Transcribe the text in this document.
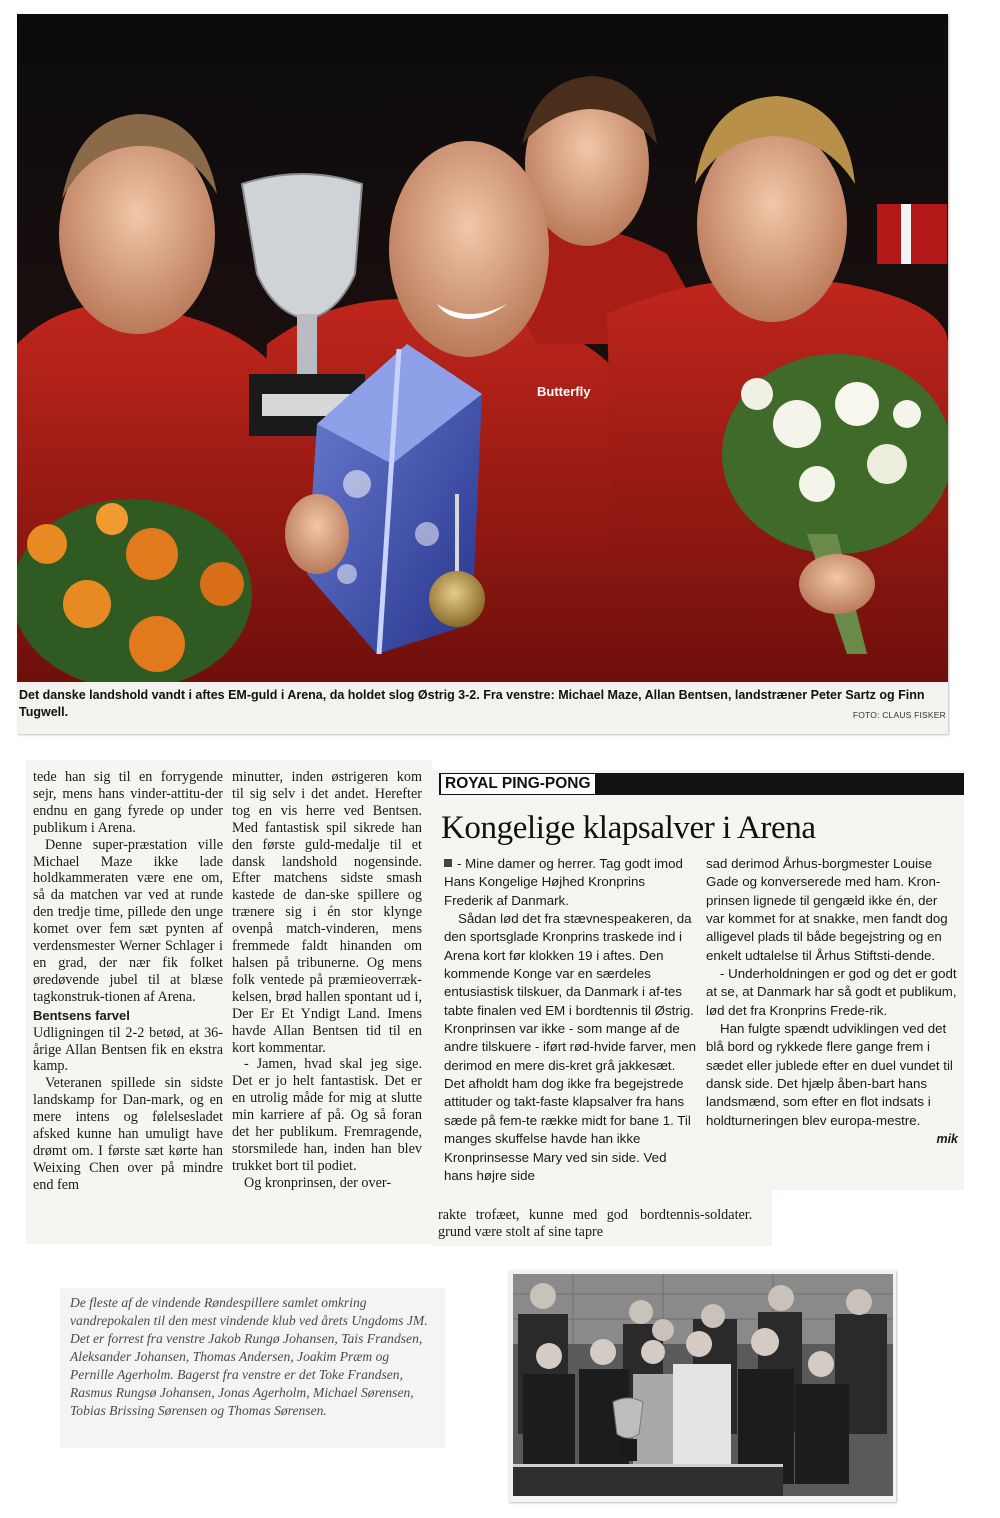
Butterfly
Det danske landshold vandt i aftes EM-guld i Arena, da holdet slog Østrig 3-2. Fra venstre: Michael Maze, Allan Bentsen, landstræner Peter Sartz og Finn Tugwell.	FOTO: CLAUS FISKER

tede han sig til en forrygende sejr, mens hans vinder-attitu-der endnu en gang fyrede op under publikum i Arena.

Denne super-præstation ville Michael Maze ikke lade holdkammeraten være ene om, så da matchen var ved at runde den tredje time, pillede den unge komet over fem sæt pynten af verdensmester Werner Schlager i en grad, der nær fik folket øredøvende jubel til at blæse tagkonstruk-tionen af Arena.

Bentsens farvel

Udligningen til 2-2 betød, at 36-årige Allan Bentsen fik en ekstra kamp.

Veteranen spillede sin sidste landskamp for Dan-mark, og en mere intens og følelsesladet afsked kunne han umuligt have drømt om. I første sæt kørte han Weixing Chen over på mindre end fem

minutter, inden østrigeren kom til sig selv i det andet. Herefter tog en vis herre ved Bentsen. Med fantastisk spil sikrede han den første guld-medalje til et dansk landshold nogensinde. Efter matchens sidste smash kastede de dan-ske spillere og trænere sig i én stor klynge ovenpå match-vinderen, mens fremmede faldt hinanden om halsen på tribunerne. Og mens folk ventede på præmieoverræk-kelsen, brød hallen spontant ud i, Der Er Et Yndigt Land. Imens havde Allan Bentsen tid til en kort kommentar.

- Jamen, hvad skal jeg sige. Det er jo helt fantastisk. Det er en utrolig måde for mig at slutte min karriere af på. Og så foran det her publikum. Fremragende, storsmilede han, inden han blev trukket bort til podiet.

Og kronprinsen, der over-

ROYAL PING-PONG
Kongelige klapsalver i Arena

- Mine damer og herrer. Tag godt imod Hans Kongelige Højhed Kronprins Frederik af Danmark.

Sådan lød det fra stævnespeakeren, da den sportsglade Kronprins traskede ind i Arena kort før klokken 19 i aftes. Den kommende Konge var en særdeles entusiastisk tilskuer, da Danmark i af-tes tabte finalen ved EM i bordtennis til Østrig. Kronprinsen var ikke - som mange af de andre tilskuere - iført rød-hvide farver, men derimod en mere dis-kret grå jakkesæt. Det afholdt ham dog ikke fra begejstrede attituder og takt-faste klapsalver fra hans sæde på fem-te række midt for bane 1. Til manges skuffelse havde han ikke Kronprinsesse Mary ved sin side. Ved hans højre side

sad derimod Århus-borgmester Louise Gade og konverserede med ham. Kron-prinsen lignede til gengæld ikke én, der var kommet for at snakke, men fandt dog alligevel plads til både begejstring og en enkelt udtalelse til Århus Stiftsti-dende.

- Underholdningen er god og det er godt at se, at Danmark har så godt et publikum, lød det fra Kronprins Frede-rik.

Han fulgte spændt udviklingen ved det blå bord og rykkede flere gange frem i sædet eller jublede efter en duel vundet til dansk side. Det hjælp åben-bart hans landsmænd, som efter en flot indsats i holdturneringen blev europa-mestre.

mik
rakte trofæet, kunne med god grund være stolt af sine tapre
bordtennis-soldater.
De fleste af de vindende Røndespillere samlet omkring vandrepokalen til den mest vindende klub ved årets Ungdoms JM. Det er forrest fra venstre Jakob Rungø Johansen, Tais Frandsen, Aleksander Johansen, Thomas Andersen, Joakim Præm og Pernille Agerholm. Bagerst fra venstre er det Toke Frandsen, Rasmus Rungsø Johansen, Jonas Agerholm, Michael Sørensen, Tobias Brissing Sørensen og Thomas Sørensen.
